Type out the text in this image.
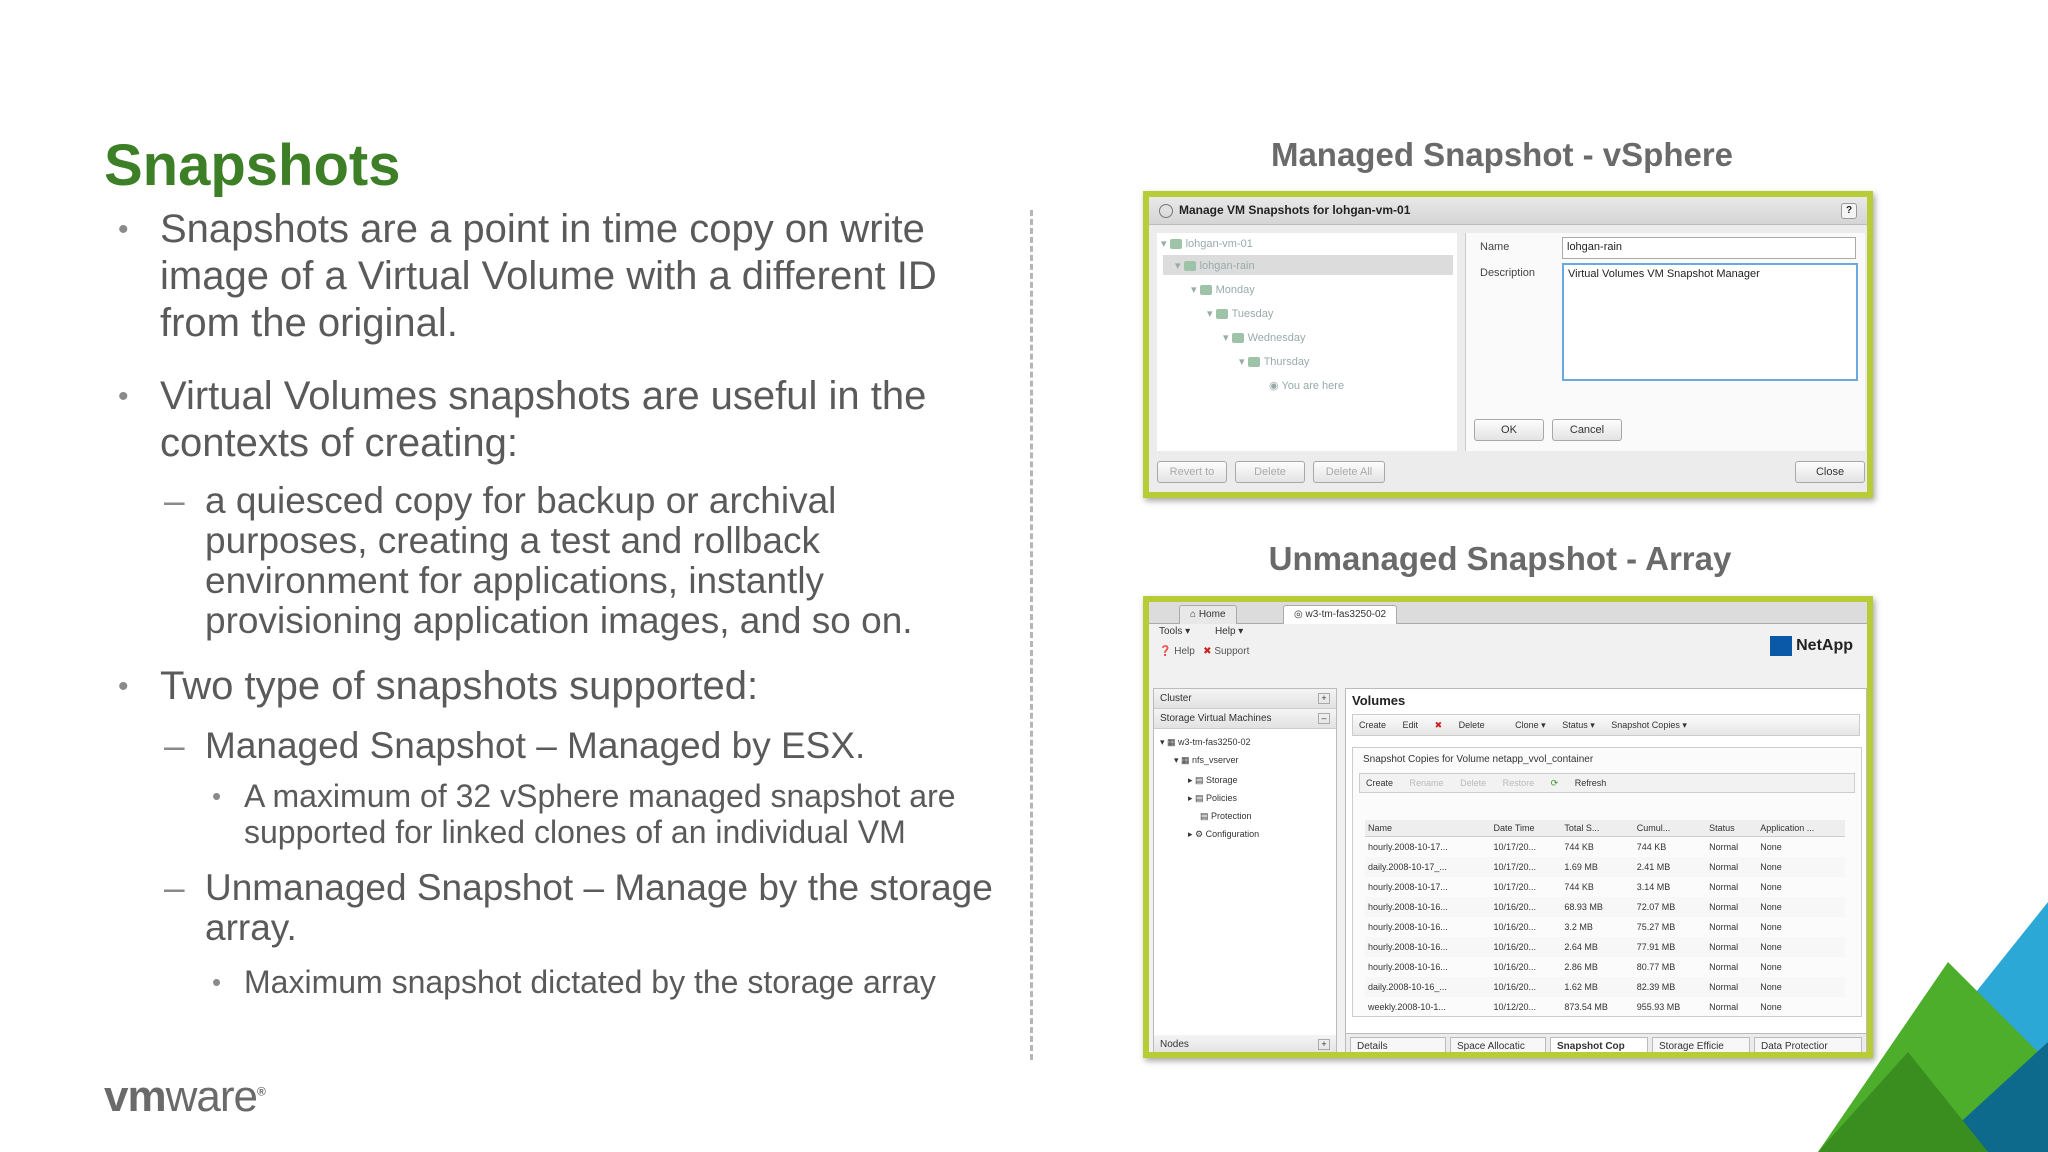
Snapshots
• Snapshots are a point in time copy on write image of a Virtual Volume with a different ID from the original.
• Virtual Volumes snapshots are useful in the contexts of creating:
– a quiesced copy for backup or archival purposes, creating a test and rollback environment for applications, instantly provisioning application images, and so on.
• Two type of snapshots supported:
– Managed Snapshot – Managed by ESX.
• A maximum of 32 vSphere managed snapshot are supported for linked clones of an individual VM
– Unmanaged Snapshot – Manage by the storage array.
• Maximum snapshot dictated by the storage array
vmware®
Managed Snapshot - vSphere
Unmanaged Snapshot - Array
Manage VM Snapshots for lohgan-vm-01	?
▾ lohgan-vm-01
▾ lohgan-rain
▾ Monday
▾ Tuesday
▾ Wednesday
▾ Thursday
◉ You are here
Name	lohgan-rain
Description	Virtual Volumes VM Snapshot Manager
OK	Cancel
Revert to	Delete	Delete All	Close
⌂ Home	◎ w3-tm-fas3250-02
Tools ▾ Help ▾
❓ Help ✖ Support	NetApp
Cluster	+
Storage Virtual Machines	–
▾ ▦ w3-tm-fas3250-02
▾ ▦ nfs_vserver
▸ ▤ Storage
▸ ▤ Policies
▤ Protection
▸ ⚙ Configuration
Nodes	+
Volumes
Create Edit ✖ Delete	Clone ▾ Status ▾ Snapshot Copies ▾
Snapshot Copies for Volume netapp_vvol_container
Create Rename Delete Restore ⟳ Refresh
Name	Date Time	Total S...	Cumul...	Status	Application ...
hourly.2008-10-17...	10/17/20...	744 KB	744 KB	Normal	None
daily.2008-10-17_...	10/17/20...	1.69 MB	2.41 MB	Normal	None
hourly.2008-10-17...	10/17/20...	744 KB	3.14 MB	Normal	None
hourly.2008-10-16...	10/16/20...	68.93 MB	72.07 MB	Normal	None
hourly.2008-10-16...	10/16/20...	3.2 MB	75.27 MB	Normal	None
hourly.2008-10-16...	10/16/20...	2.64 MB	77.91 MB	Normal	None
hourly.2008-10-16...	10/16/20...	2.86 MB	80.77 MB	Normal	None
daily.2008-10-16_...	10/16/20...	1.62 MB	82.39 MB	Normal	None
weekly.2008-10-1...	10/12/20...	873.54 MB	955.93 MB	Normal	None
Details	Space Allocatic	Snapshot Cop	Storage Efficie	Data Protectior
